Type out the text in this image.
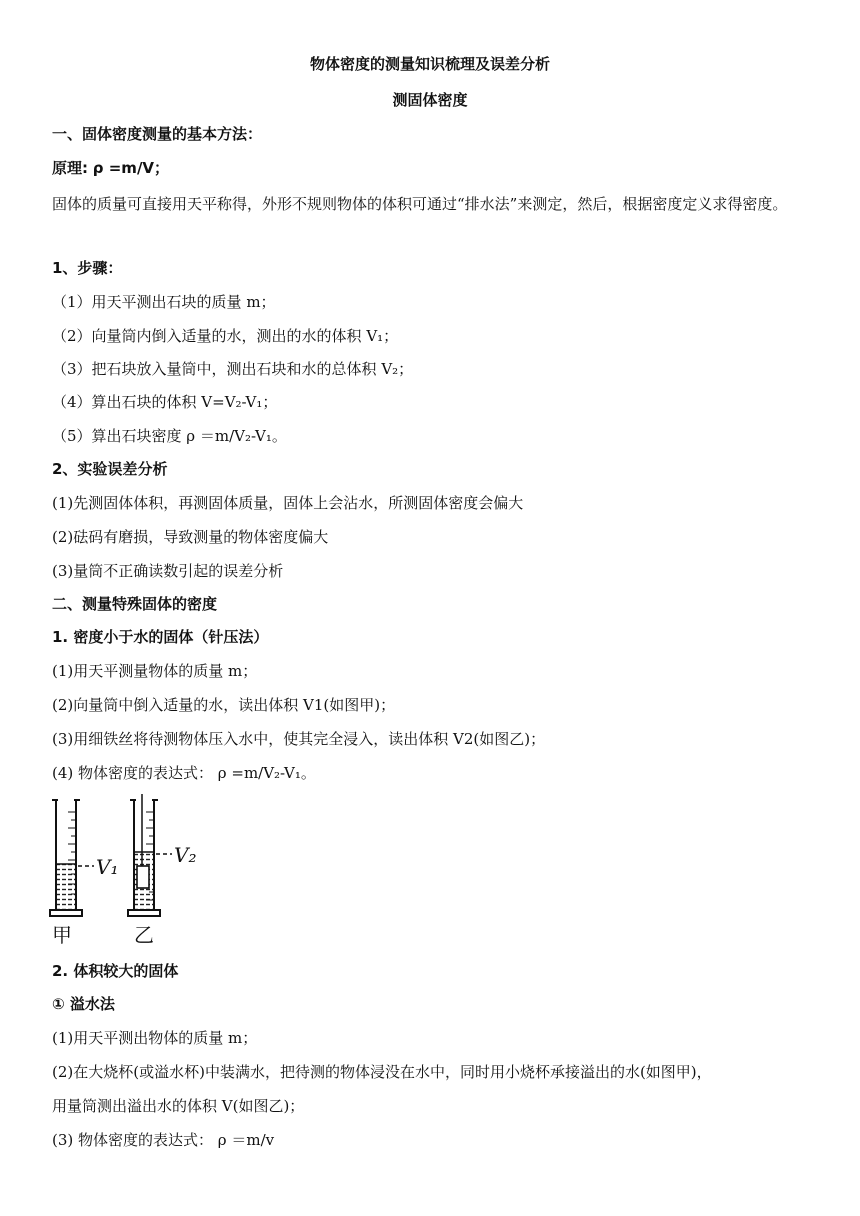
物体密度的测量知识梳理及误差分析
测固体密度
一、固体密度测量的基本方法：
原理: ρ =m/V；
固体的质量可直接用天平称得，外形不规则物体的体积可通过“排水法”来测定，然后，根据密度定义求得密度。
1、步骤：
（1）用天平测出石块的质量 m；
（2）向量筒内倒入适量的水，测出的水的体积 V₁；
（3）把石块放入量筒中，测出石块和水的总体积 V₂；
（4）算出石块的体积 V=V₂-V₁；
（5）算出石块密度 ρ ＝m/V₂-V₁。
2、实验误差分析
(1)先测固体体积，再测固体质量，固体上会沾水，所测固体密度会偏大
(2)砝码有磨损，导致测量的物体密度偏大
(3)量筒不正确读数引起的误差分析
二、测量特殊固体的密度
1. 密度小于水的固体（针压法）
(1)用天平测量物体的质量 m；
(2)向量筒中倒入适量的水，读出体积 V1(如图甲)；
(3)用细铁丝将待测物体压入水中，使其完全浸入，读出体积 V2(如图乙)；
(4) 物体密度的表达式： ρ =m/V₂-V₁。
V₁
甲
V₂
乙
2. 体积较大的固体
① 溢水法
(1)用天平测出物体的质量 m；
(2)在大烧杯(或溢水杯)中装满水，把待测的物体浸没在水中，同时用小烧杯承接溢出的水(如图甲)，
用量筒测出溢出水的体积 V(如图乙)；
(3) 物体密度的表达式： ρ ＝m/v
